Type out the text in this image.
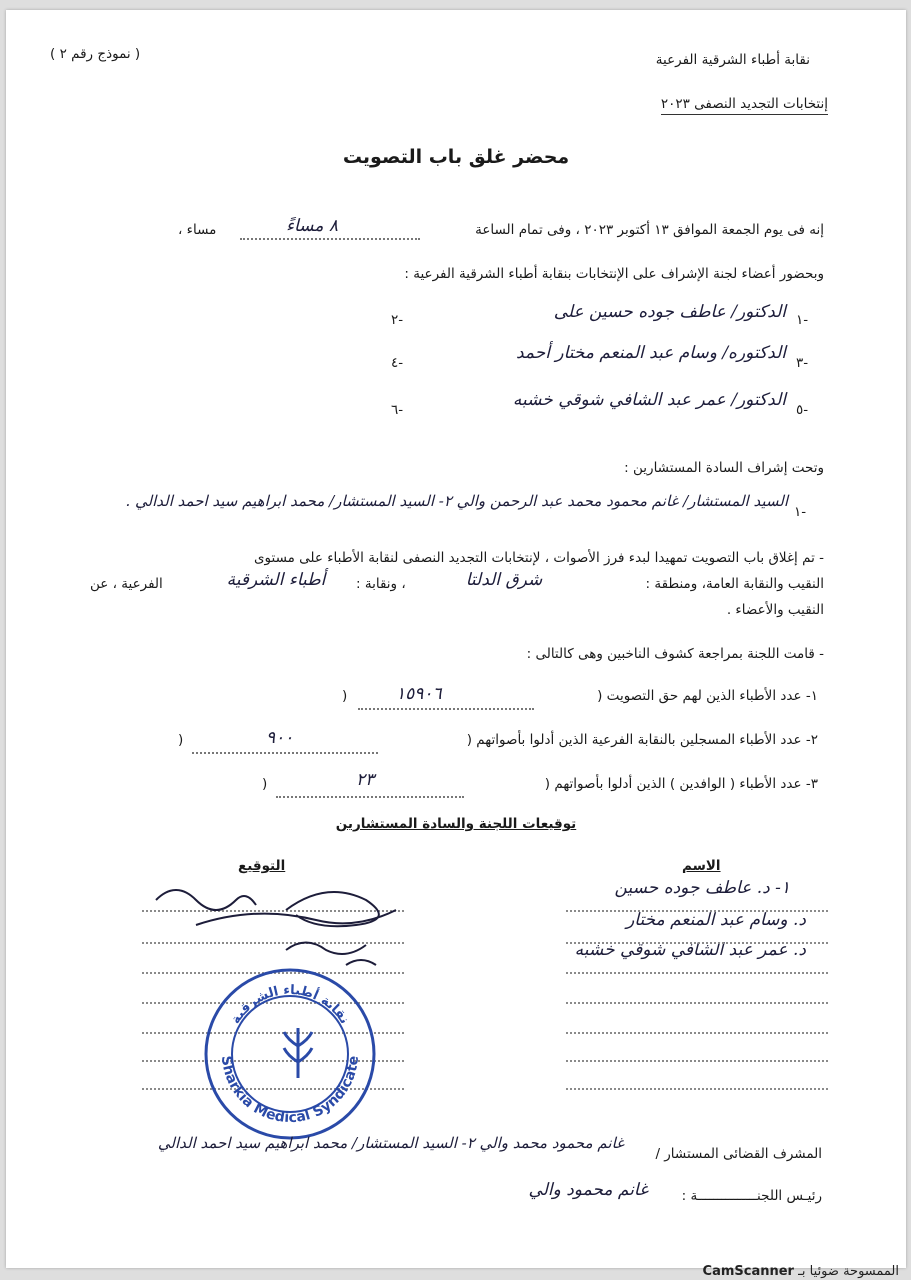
( نموذج رقم ٢ )	نقابة أطباء الشرقية الفرعية
إنتخابات التجديد النصفى ٢٠٢٣
محضر غلق باب التصويت
إنه فى يوم الجمعة الموافق ١٣ أكتوبر ٢٠٢٣ ، وفى تمام الساعة
٨ مساءً
مساء ،
وبحضور أعضاء لجنة الإشراف على الإنتخابات بنقابة أطباء الشرقية الفرعية :
١-
الدكتور/ عاطف جوده حسين على
٢-
٣-
الدكتوره/ وسام عبد المنعم مختار أحمد
٤-
٥-
الدكتور/ عمر عبد الشافي شوقي خشبه
٦-
وتحت إشراف السادة المستشارين :
١-
السيد المستشار/ غانم محمود محمد عبد الرحمن والي ٢- السيد المستشار/ محمد ابراهيم سيد احمد الدالي .
- تم إغلاق باب التصويت تمهيدا لبدء فرز الأصوات ، لإنتخابات التجديد النصفى لنقابة الأطباء على مستوى
النقيب والنقابة العامة، ومنطقة :
شرق الدلتا
، ونقابة :
أطباء الشرقية
الفرعية ، عن
النقيب والأعضاء .
- قامت اللجنة بمراجعة كشوف الناخبين وهى كالتالى :
١- عدد الأطباء الذين لهم حق التصويت (
١٥٩٠٦
)
٢- عدد الأطباء المسجلين بالنقابة الفرعية الذين أدلوا بأصواتهم (
٩٠٠
)
٣- عدد الأطباء ( الوافدين ) الذين أدلوا بأصواتهم (
٢٣
)
توقيعات اللجنة والسادة المستشارين
الاسم
التوقيع
١- د. عاطف جوده حسين
د. وسام عبد المنعم مختار
د. عمر عبد الشافي شوقي خشبه
Sharkia Medical Syndicate
نقابة أطباء الشرقية
المشرف القضائى المستشار /
غانم محمود محمد والي ٢- السيد المستشار/ محمد ابراهيم سيد احمد الدالي
رئيـس اللجنـــــــــــــــة :
غانم محمود والي
الممسوحة ضوئيا بـ CamScanner
